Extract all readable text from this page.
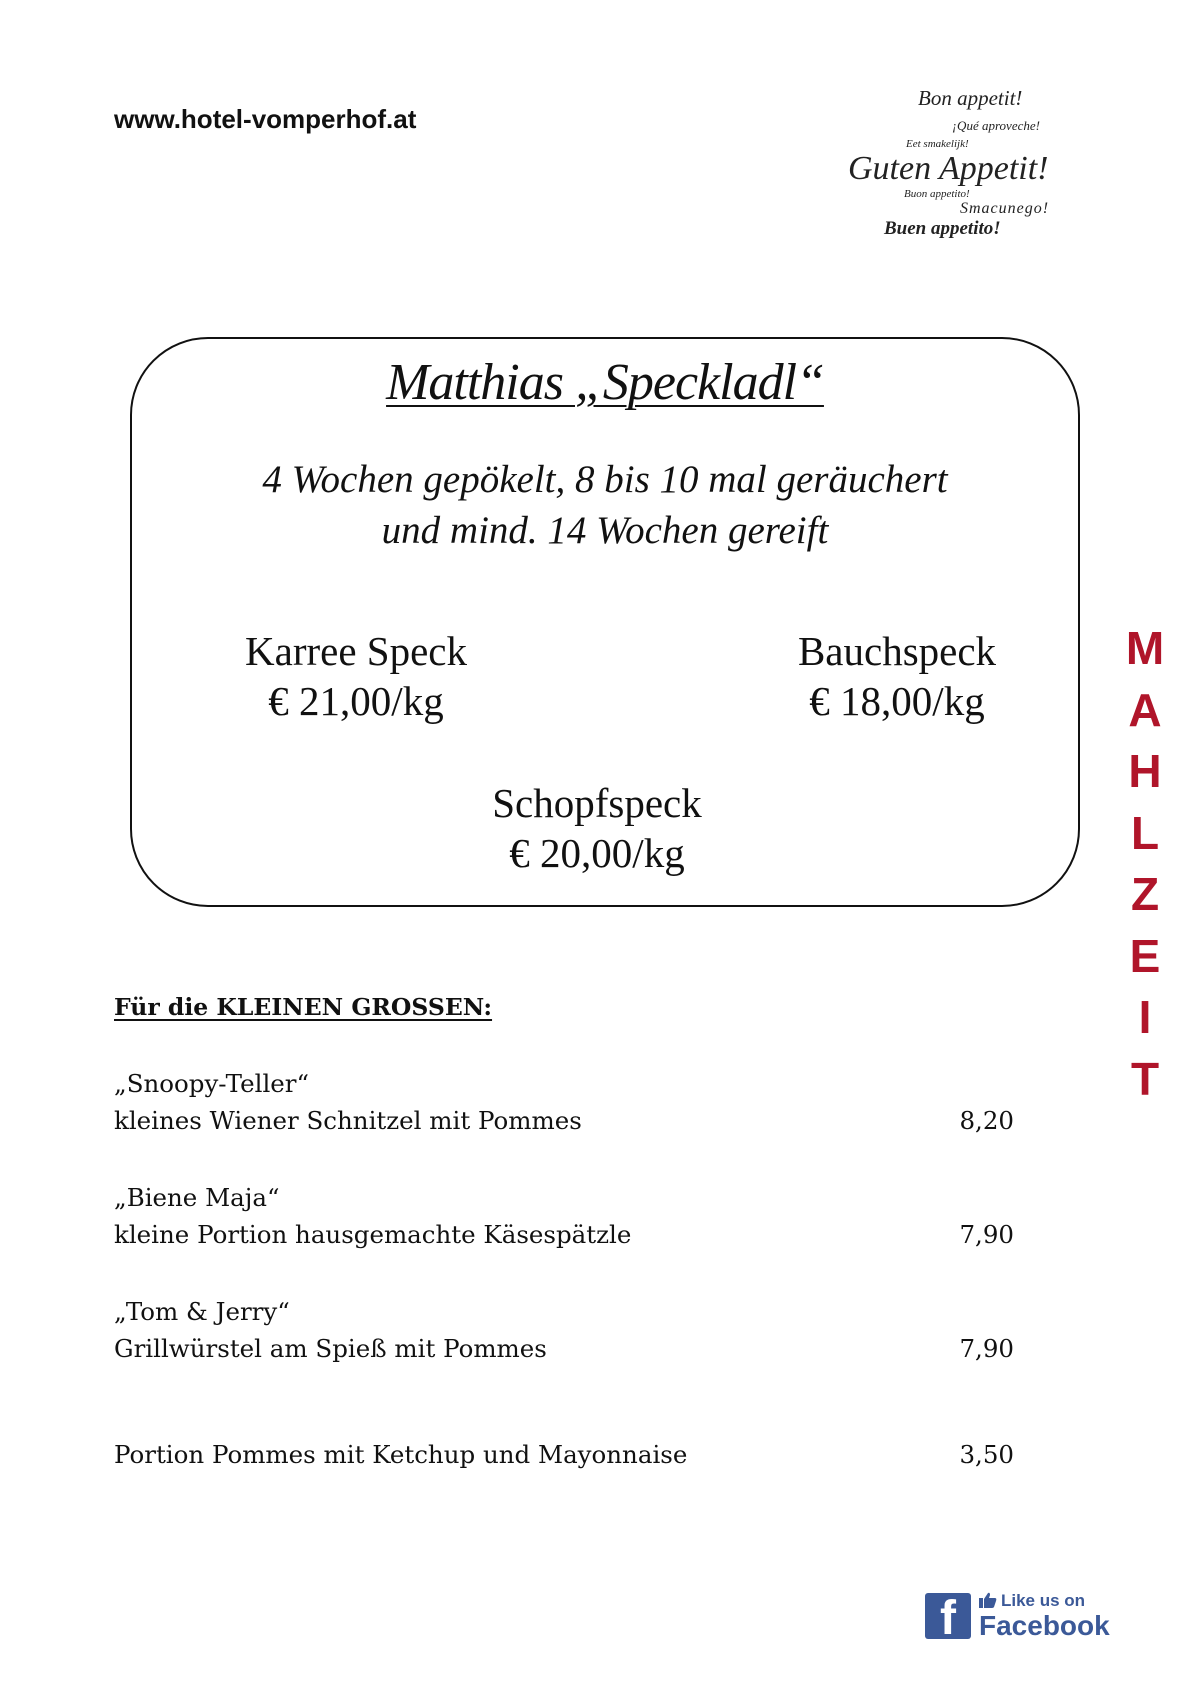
www.hotel-vomperhof.at
Bon appetit!
¡Qué aproveche!
Eet smakelijk!
Guten Appetit!
Buon appetito!
Smacunego!
Buen appetito!
Matthias „Speckladl“
4 Wochen gepökelt, 8 bis 10 mal geräuchert
und mind. 14 Wochen gereift
Karree Speck
€ 21,00/kg
Bauchspeck
€ 18,00/kg
Schopfspeck
€ 20,00/kg
M
A
H
L
Z
E
I
T
Für die KLEINEN GROSSEN:
„Snoopy-Teller“
kleines Wiener Schnitzel mit Pommes	8,20
„Biene Maja“
kleine Portion hausgemachte Käsespätzle	7,90
„Tom & Jerry“
Grillwürstel am Spieß mit Pommes	7,90
Portion Pommes mit Ketchup und Mayonnaise	3,50
f	Like us on
Facebook
